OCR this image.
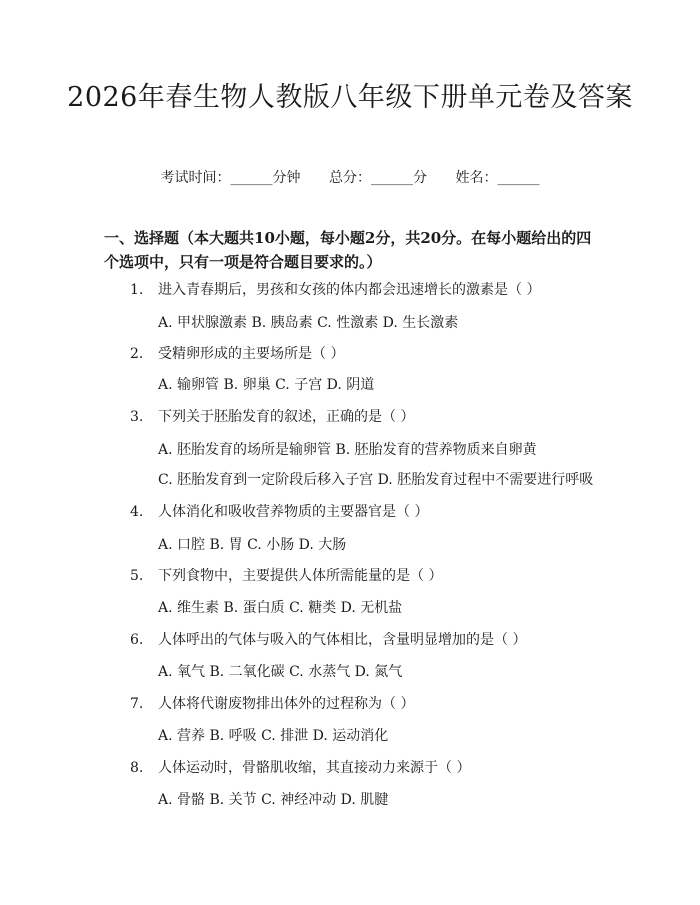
2026年春生物人教版八年级下册单元卷及答案
考试时间：______分钟 总分：______分 姓名：______

一、选择题（本大题共10小题，每小题2分，共20分。在每小题给出的四个选项中，只有一项是符合题目要求的。）

1. 进入青春期后，男孩和女孩的体内都会迅速增长的激素是（ ）
A. 甲状腺激素 B. 胰岛素 C. 性激素 D. 生长激素
2. 受精卵形成的主要场所是（ ）
A. 输卵管 B. 卵巢 C. 子宫 D. 阴道
3. 下列关于胚胎发育的叙述，正确的是（ ）
A. 胚胎发育的场所是输卵管 B. 胚胎发育的营养物质来自卵黄
C. 胚胎发育到一定阶段后移入子宫 D. 胚胎发育过程中不需要进行呼吸
4. 人体消化和吸收营养物质的主要器官是（ ）
A. 口腔 B. 胃 C. 小肠 D. 大肠
5. 下列食物中，主要提供人体所需能量的是（ ）
A. 维生素 B. 蛋白质 C. 糖类 D. 无机盐
6. 人体呼出的气体与吸入的气体相比，含量明显增加的是（ ）
A. 氧气 B. 二氧化碳 C. 水蒸气 D. 氮气
7. 人体将代谢废物排出体外的过程称为（ ）
A. 营养 B. 呼吸 C. 排泄 D. 运动消化
8. 人体运动时，骨骼肌收缩，其直接动力来源于（ ）
A. 骨骼 B. 关节 C. 神经冲动 D. 肌腱
